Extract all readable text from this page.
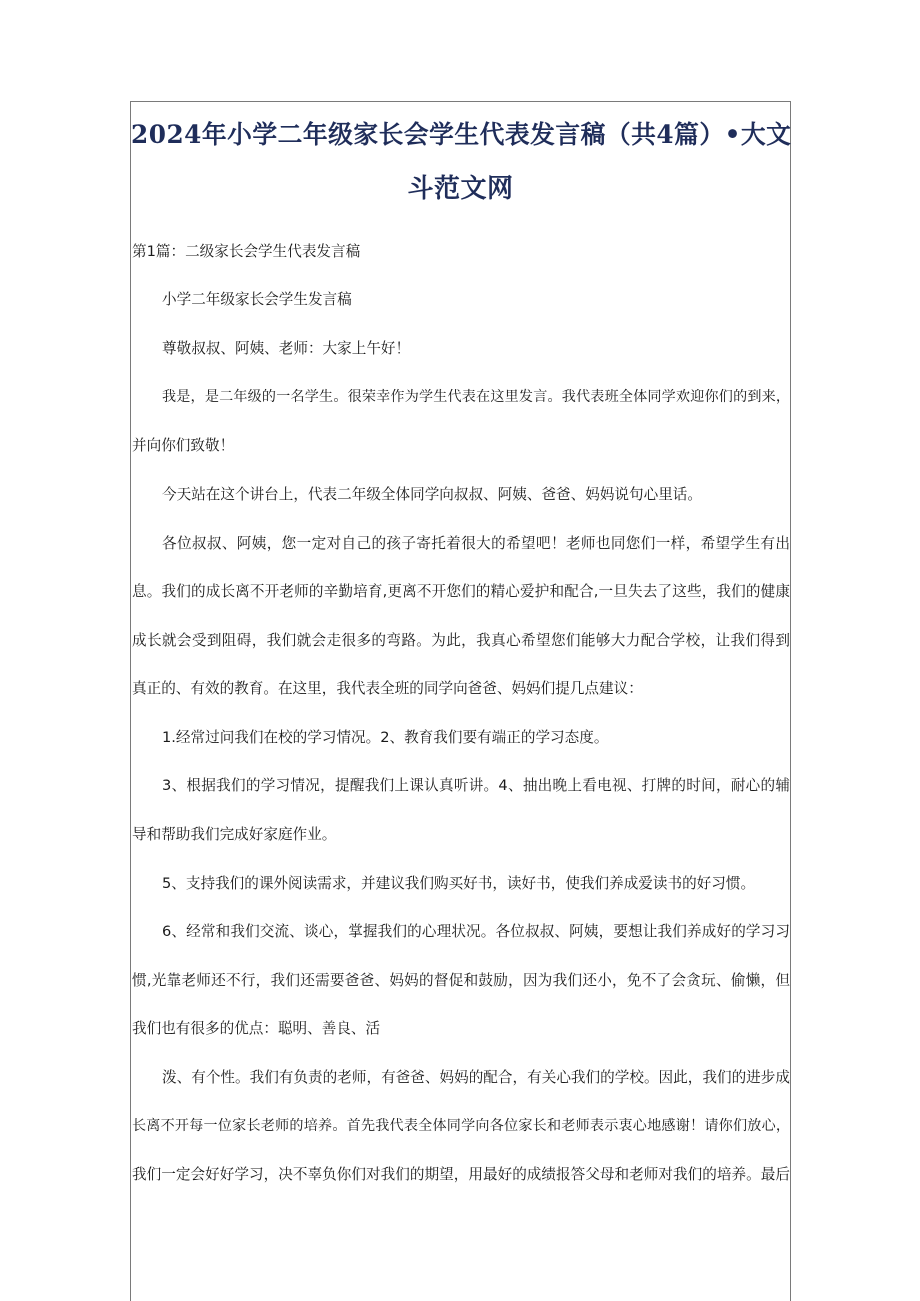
2024年小学二年级家长会学生代表发言稿（共4篇）•大文
斗范文网
第1篇：二级家长会学生代表发言稿
小学二年级家长会学生发言稿
尊敬叔叔、阿姨、老师：大家上午好！
我是，是二年级的一名学生。很荣幸作为学生代表在这里发言。我代表班全体同学欢迎你们的到来，
并向你们致敬！
今天站在这个讲台上，代表二年级全体同学向叔叔、阿姨、爸爸、妈妈说句心里话。
各位叔叔、阿姨，您一定对自己的孩子寄托着很大的希望吧！老师也同您们一样，希望学生有出
息。我们的成长离不开老师的辛勤培育,更离不开您们的精心爱护和配合,一旦失去了这些，我们的健康
成长就会受到阻碍，我们就会走很多的弯路。为此，我真心希望您们能够大力配合学校，让我们得到
真正的、有效的教育。在这里，我代表全班的同学向爸爸、妈妈们提几点建议：
1.经常过问我们在校的学习情况。2、教育我们要有端正的学习态度。
3、根据我们的学习情况，提醒我们上课认真听讲。4、抽出晚上看电视、打牌的时间，耐心的辅
导和帮助我们完成好家庭作业。
5、支持我们的课外阅读需求，并建议我们购买好书，读好书，使我们养成爱读书的好习惯。
6、经常和我们交流、谈心，掌握我们的心理状况。各位叔叔、阿姨，要想让我们养成好的学习习
惯,光靠老师还不行，我们还需要爸爸、妈妈的督促和鼓励，因为我们还小，免不了会贪玩、偷懒，但
我们也有很多的优点：聪明、善良、活
泼、有个性。我们有负责的老师，有爸爸、妈妈的配合，有关心我们的学校。因此，我们的进步成
长离不开每一位家长老师的培养。首先我代表全体同学向各位家长和老师表示衷心地感谢！请你们放心，
我们一定会好好学习，决不辜负你们对我们的期望，用最好的成绩报答父母和老师对我们的培养。最后
